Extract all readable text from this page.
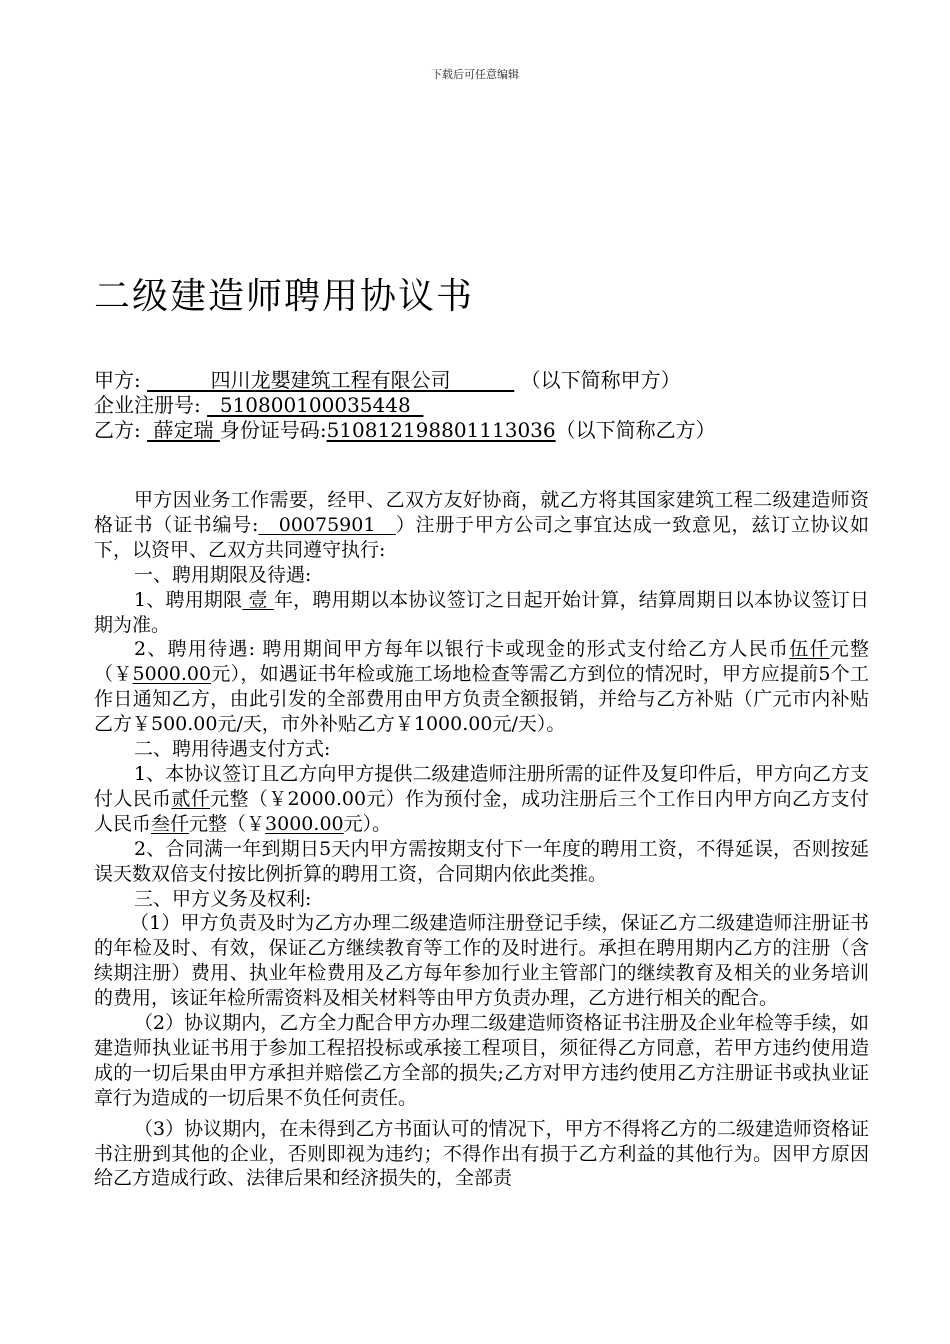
下载后可任意编辑
二级建造师聘用协议书
甲方:           四川龙嬰建筑工程有限公司           （以下简称甲方）
企业注册号:   510800100035448
乙方:  薛定瑞 身份证号码:510812198801113036（以下简称乙方）

甲方因业务工作需要，经甲、乙双方友好协商，就乙方将其国家建筑工程二级建造师资格证书（证书编号:   00075901   ）注册于甲方公司之事宜达成一致意见，兹订立协议如下，以资甲、乙双方共同遵守执行:

一、聘用期限及待遇:

1、聘用期限 壹 年，聘用期以本协议签订之日起开始计算，结算周期日以本协议签订日期为准。

2、聘用待遇: 聘用期间甲方每年以银行卡或现金的形式支付给乙方人民币伍仟元整（￥5000.00元），如遇证书年检或施工场地检查等需乙方到位的情况时，甲方应提前5个工作日通知乙方，由此引发的全部费用由甲方负责全额报销，并给与乙方补贴（广元市内补贴乙方￥500.00元/天，市外补贴乙方￥1000.00元/天）。

二、聘用待遇支付方式:

1、本协议签订且乙方向甲方提供二级建造师注册所需的证件及复印件后，甲方向乙方支付人民币贰仟元整（￥2000.00元）作为预付金，成功注册后三个工作日内甲方向乙方支付人民币叁仟元整（￥3000.00元）。

2、合同满一年到期日5天内甲方需按期支付下一年度的聘用工资，不得延误，否则按延误天数双倍支付按比例折算的聘用工资，合同期内依此类推。

三、甲方义务及权利:

（1）甲方负责及时为乙方办理二级建造师注册登记手续，保证乙方二级建造师注册证书的年检及时、有效，保证乙方继续教育等工作的及时进行。承担在聘用期内乙方的注册（含续期注册）费用、执业年检费用及乙方每年参加行业主管部门的继续教育及相关的业务培训的费用，该证年检所需资料及相关材料等由甲方负责办理，乙方进行相关的配合。

（2）协议期内，乙方全力配合甲方办理二级建造师资格证书注册及企业年检等手续，如建造师执业证书用于参加工程招投标或承接工程项目，须征得乙方同意，若甲方违约使用造成的一切后果由甲方承担并赔偿乙方全部的损失;乙方对甲方违约使用乙方注册证书或执业证章行为造成的一切后果不负任何责任。

（3）协议期内，在未得到乙方书面认可的情况下，甲方不得将乙方的二级建造师资格证书注册到其他的企业，否则即视为违约；不得作出有损于乙方利益的其他行为。因甲方原因给乙方造成行政、法律后果和经济损失的，全部责
